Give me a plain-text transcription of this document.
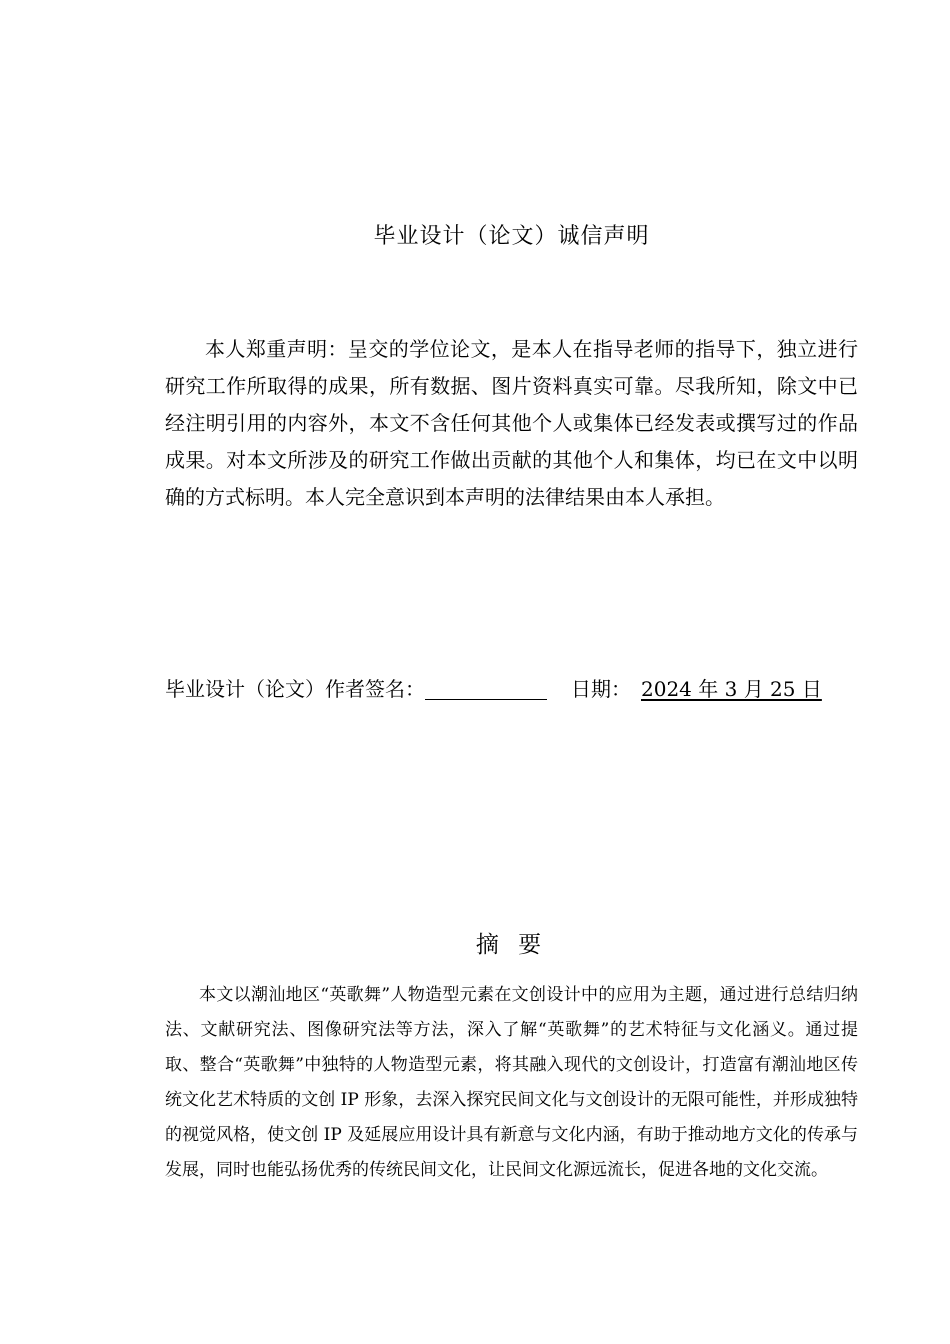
毕业设计（论文）诚信声明

本人郑重声明：呈交的学位论文，是本人在指导老师的指导下，独立进行研究工作所取得的成果，所有数据、图片资料真实可靠。尽我所知，除文中已经注明引用的内容外，本文不含任何其他个人或集体已经发表或撰写过的作品成果。对本文所涉及的研究工作做出贡献的其他个人和集体，均已在文中以明确的方式标明。本人完全意识到本声明的法律结果由本人承担。

毕业设计（论文）作者签名：	日期： 2024 年 3 月 25 日
摘 要

本文以潮汕地区“英歌舞”人物造型元素在文创设计中的应用为主题，通过进行总结归纳法、文献研究法、图像研究法等方法，深入了解“英歌舞”的艺术特征与文化涵义。通过提取、整合“英歌舞”中独特的人物造型元素，将其融入现代的文创设计，打造富有潮汕地区传统文化艺术特质的文创 IP 形象，去深入探究民间文化与文创设计的无限可能性，并形成独特的视觉风格，使文创 IP 及延展应用设计具有新意与文化内涵，有助于推动地方文化的传承与发展，同时也能弘扬优秀的传统民间文化，让民间文化源远流长，促进各地的文化交流。
